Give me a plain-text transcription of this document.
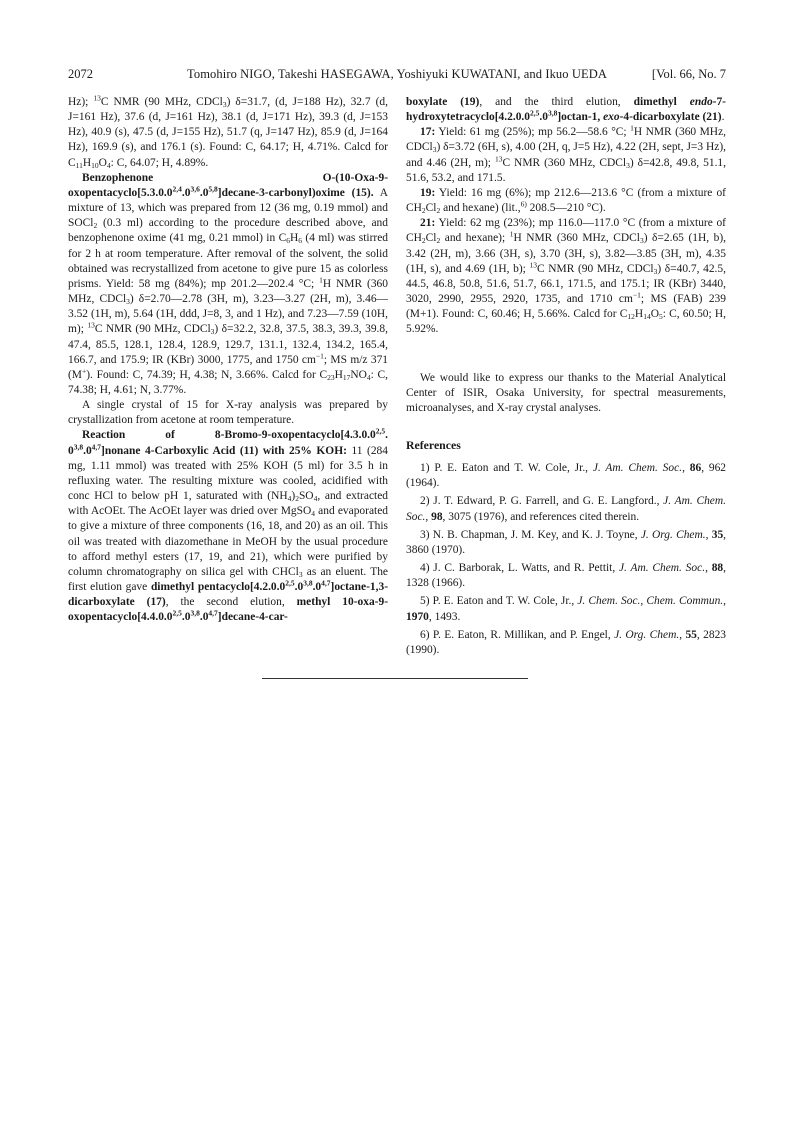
2072	Tomohiro NIGO, Takeshi HASEGAWA, Yoshiyuki KUWATANI, and Ikuo UEDA	[Vol. 66, No. 7

Hz); $^{13}$C NMR (90 MHz, CDCl$_3$) δ=31.7, (d, J=188 Hz), 32.7 (d, J=161 Hz), 37.6 (d, J=161 Hz), 38.1 (d, J=171 Hz), 39.3 (d, J=153 Hz), 40.9 (s), 47.5 (d, J=155 Hz), 51.7 (q, J=147 Hz), 85.9 (d, J=164 Hz), 169.9 (s), and 176.1 (s). Found: C, 64.17; H, 4.71%. Calcd for $C_{11}H_{10}O_4$: C, 64.07; H, 4.89%.

Benzophenone O-(10-Oxa-9-oxopentacyclo[5.3.0.0$^{2,4}$.0$^{3,6}$.0$^{5,8}$]decane-3-carbonyl)oxime (15). A mixture of 13, which was prepared from 12 (36 mg, 0.19 mmol) and SOCl$_2$ (0.3 ml) according to the procedure described above, and benzophenone oxime (41 mg, 0.21 mmol) in $C_6H_6$ (4 ml) was stirred for 2 h at room temperature. After removal of the solvent, the solid obtained was recrystallized from acetone to give pure 15 as colorless prisms. Yield: 58 mg (84%); mp 201.2—202.4 °C; $^1$H NMR (360 MHz, CDCl$_3$) δ=2.70—2.78 (3H, m), 3.23—3.27 (2H, m), 3.46—3.52 (1H, m), 5.64 (1H, ddd, J=8, 3, and 1 Hz), and 7.23—7.59 (10H, m); $^{13}$C NMR (90 MHz, CDCl$_3$) δ=32.2, 32.8, 37.5, 38.3, 39.3, 39.8, 47.4, 85.5, 128.1, 128.4, 128.9, 129.7, 131.1, 132.4, 134.2, 165.4, 166.7, and 175.9; IR (KBr) 3000, 1775, and 1750 $cm^{-1}$; MS m/z 371 (M+). Found: C, 74.39; H, 4.38; N, 3.66%. Calcd for $C_{23}H_{17}NO_4$: C, 74.38; H, 4.61; N, 3.77%.

A single crystal of 15 for X-ray analysis was prepared by crystallization from acetone at room temperature.

Reaction of 8-Bromo-9-oxopentacyclo[4.3.0.0$^{2,5}$. 0$^{3,8}$.0$^{4,7}$]nonane 4-Carboxylic Acid (11) with 25% KOH: 11 (284 mg, 1.11 mmol) was treated with 25% KOH (5 ml) for 3.5 h in refluxing water. The resulting mixture was cooled, acidified with conc HCl to below pH 1, saturated with $(NH_4)_2SO_4$, and extracted with AcOEt. The AcOEt layer was dried over MgSO$_4$ and evaporated to give a mixture of three components (16, 18, and 20) as an oil. This oil was treated with diazomethane in MeOH by the usual procedure to afford methyl esters (17, 19, and 21), which were purified by column chromatography on silica gel with CHCl$_3$ as an eluent. The first elution gave dimethyl pentacyclo[4.2.0.0$^{2,5}$.0$^{3,8}$.0$^{4,7}$]octane-1,3-dicarboxylate (17), the second elution, methyl 10-oxa-9-oxopentacyclo[4.4.0.0$^{2,5}$.0$^{3,8}$.0$^{4,7}$]decane-4-car-

boxylate (19), and the third elution, dimethyl endo-7-hydroxytetracyclo[4.2.0.0$^{2,5}$.0$^{3,8}$]octan-1, exo-4-dicarboxylate (21).

17: Yield: 61 mg (25%); mp 56.2—58.6 °C; $^1$H NMR (360 MHz, CDCl$_3$) δ=3.72 (6H, s), 4.00 (2H, q, J=5 Hz), 4.22 (2H, sept, J=3 Hz), and 4.46 (2H, m); $^{13}$C NMR (360 MHz, CDCl$_3$) δ=42.8, 49.8, 51.1, 51.6, 53.2, and 171.5.

19: Yield: 16 mg (6%); mp 212.6—213.6 °C (from a mixture of $CH_2Cl_2$ and hexane) (lit.,$^{6)}$ 208.5—210 °C).

21: Yield: 62 mg (23%); mp 116.0—117.0 °C (from a mixture of $CH_2Cl_2$ and hexane); $^1$H NMR (360 MHz, CDCl$_3$) δ=2.65 (1H, b), 3.42 (2H, m), 3.66 (3H, s), 3.70 (3H, s), 3.82—3.85 (3H, m), 4.35 (1H, s), and 4.69 (1H, b); $^{13}$C NMR (90 MHz, CDCl$_3$) δ=40.7, 42.5, 44.5, 46.8, 50.8, 51.6, 51.7, 66.1, 171.5, and 175.1; IR (KBr) 3440, 3020, 2990, 2955, 2920, 1735, and 1710 $cm^{-1}$; MS (FAB) 239 (M+1). Found: C, 60.46; H, 5.66%. Calcd for $C_{12}H_{14}O_5$: C, 60.50; H, 5.92%.

We would like to express our thanks to the Material Analytical Center of ISIR, Osaka University, for spectral measurements, microanalyses, and X-ray crystal analyses.

References

1) P. E. Eaton and T. W. Cole, Jr., J. Am. Chem. Soc., 86, 962 (1964).

2) J. T. Edward, P. G. Farrell, and G. E. Langford., J. Am. Chem. Soc., 98, 3075 (1976), and references cited therein.

3) N. B. Chapman, J. M. Key, and K. J. Toyne, J. Org. Chem., 35, 3860 (1970).

4) J. C. Barborak, L. Watts, and R. Pettit, J. Am. Chem. Soc., 88, 1328 (1966).

5) P. E. Eaton and T. W. Cole, Jr., J. Chem. Soc., Chem. Commun., 1970, 1493.

6) P. E. Eaton, R. Millikan, and P. Engel, J. Org. Chem., 55, 2823 (1990).
